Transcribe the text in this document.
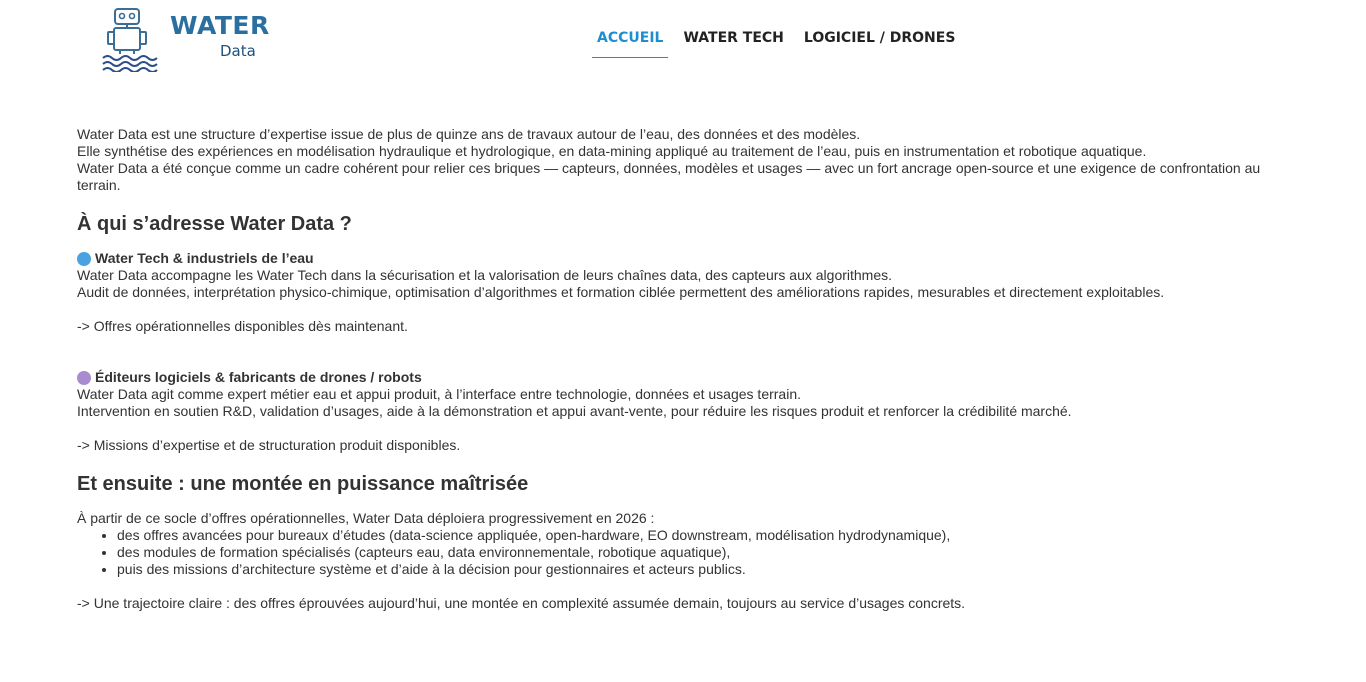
WATER
Data
ACCUEIL	WATER TECH	LOGICIEL / DRONES

Water Data est une structure d’expertise issue de plus de quinze ans de travaux autour de l’eau, des données et des modèles.

Elle synthétise des expériences en modélisation hydraulique et hydrologique, en data-mining appliqué au traitement de l’eau, puis en instrumentation et robotique aquatique.

Water Data a été conçue comme un cadre cohérent pour relier ces briques — capteurs, données, modèles et usages — avec un fort ancrage open-source et une exigence de confrontation au terrain.

À qui s’adresse Water Data ?
Water Tech & industriels de l’eau

Water Data accompagne les Water Tech dans la sécurisation et la valorisation de leurs chaînes data, des capteurs aux algorithmes.

Audit de données, interprétation physico-chimique, optimisation d’algorithmes et formation ciblée permettent des améliorations rapides, mesurables et directement exploitables.

-> Offres opérationnelles disponibles dès maintenant.

Éditeurs logiciels & fabricants de drones / robots

Water Data agit comme expert métier eau et appui produit, à l’interface entre technologie, données et usages terrain.

Intervention en soutien R&D, validation d’usages, aide à la démonstration et appui avant-vente, pour réduire les risques produit et renforcer la crédibilité marché.

-> Missions d’expertise et de structuration produit disponibles.

Et ensuite : une montée en puissance maîtrisée

À partir de ce socle d’offres opérationnelles, Water Data déploiera progressivement en 2026 :

• des offres avancées pour bureaux d’études (data-science appliquée, open-hardware, EO downstream, modélisation hydrodynamique),
• des modules de formation spécialisés (capteurs eau, data environnementale, robotique aquatique),
• puis des missions d’architecture système et d’aide à la décision pour gestionnaires et acteurs publics.

-> Une trajectoire claire : des offres éprouvées aujourd’hui, une montée en complexité assumée demain, toujours au service d’usages concrets.
